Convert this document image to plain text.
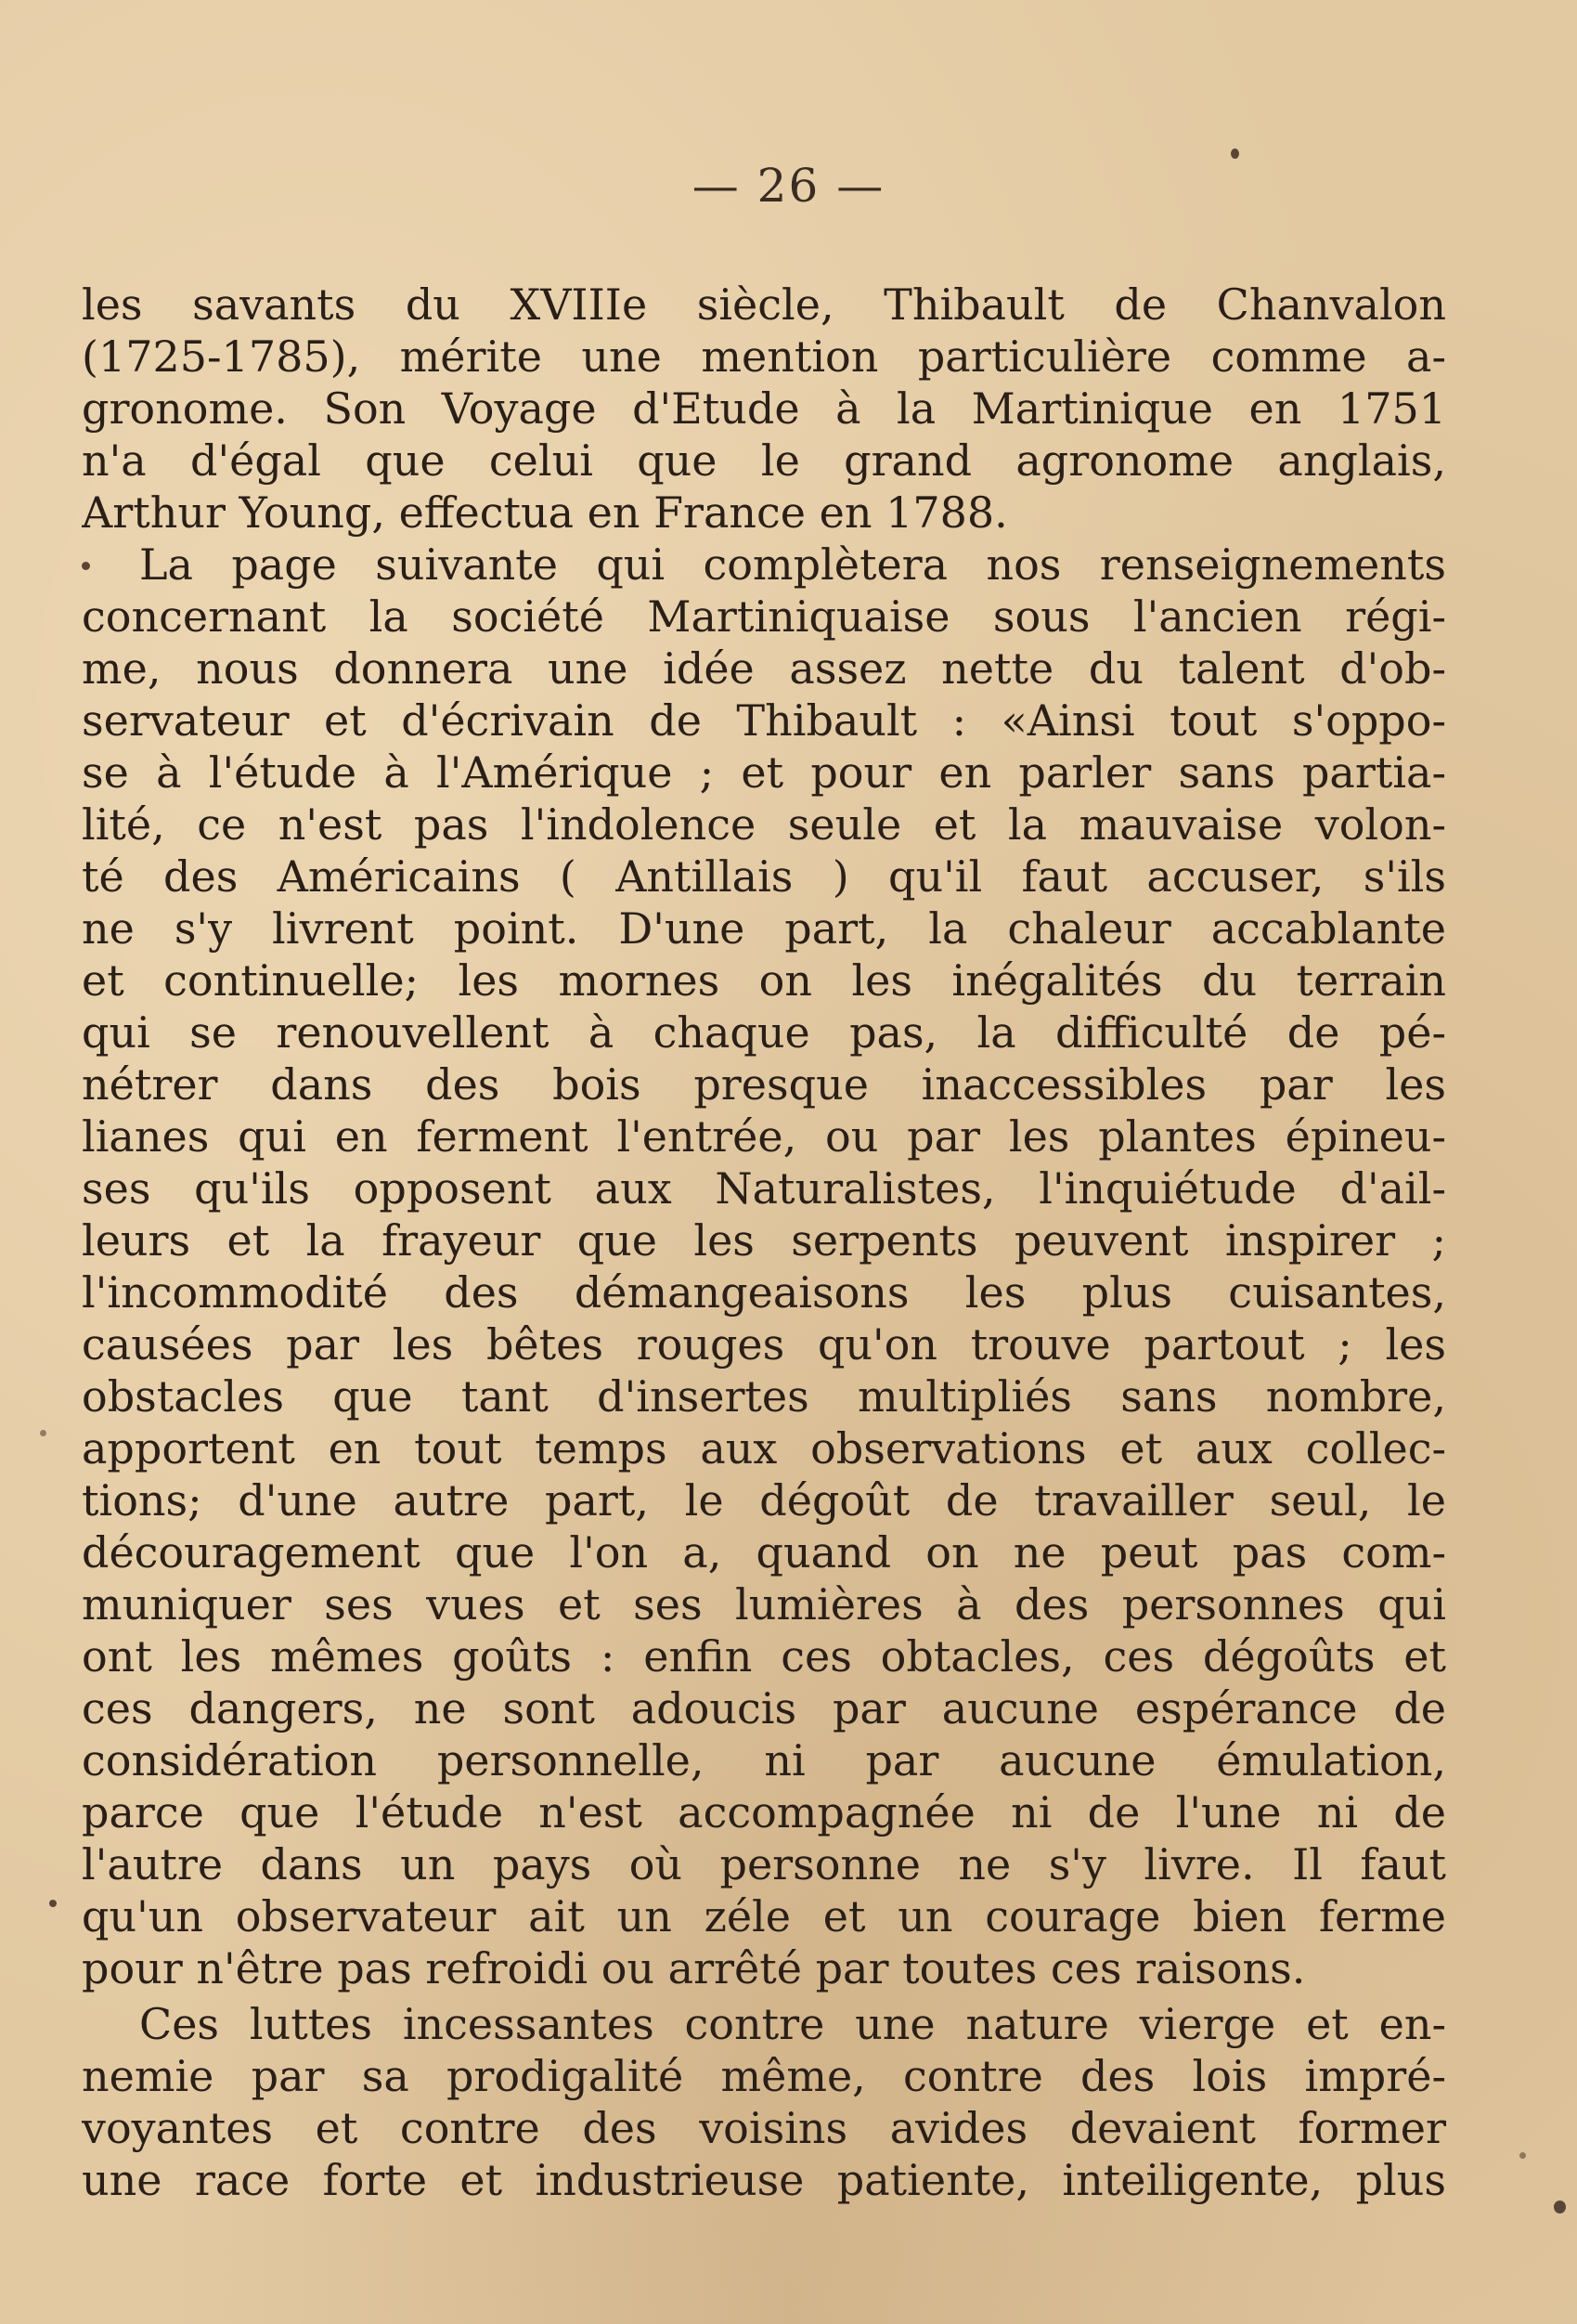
— 26 —
les savants du XVIIIe siècle, Thibault de Chanvalon
(1725-1785), mérite une mention particulière comme a-
gronome. Son Voyage d'Etude à la Martinique en 1751
n'a d'égal que celui que le grand agronome anglais,
Arthur Young, effectua en France en 1788.
La page suivante qui complètera nos renseignements
concernant la société Martiniquaise sous l'ancien régi-
me, nous donnera une idée assez nette du talent d'ob-
servateur et d'écrivain de Thibault : «Ainsi tout s'oppo-
se à l'étude à l'Amérique ; et pour en parler sans partia-
lité, ce n'est pas l'indolence seule et la mauvaise volon-
té des Américains ( Antillais ) qu'il faut accuser, s'ils
ne s'y livrent point. D'une part, la chaleur accablante
et continuelle; les mornes on les inégalités du terrain
qui se renouvellent à chaque pas, la difficulté de pé-
nétrer dans des bois presque inaccessibles par les
lianes qui en ferment l'entrée, ou par les plantes épineu-
ses qu'ils opposent aux Naturalistes, l'inquiétude d'ail-
leurs et la frayeur que les serpents peuvent inspirer ;
l'incommodité des démangeaisons les plus cuisantes,
causées par les bêtes rouges qu'on trouve partout ; les
obstacles que tant d'insertes multipliés sans nombre,
apportent en tout temps aux observations et aux collec-
tions; d'une autre part, le dégoût de travailler seul, le
découragement que l'on a, quand on ne peut pas com-
muniquer ses vues et ses lumières à des personnes qui
ont les mêmes goûts : enfin ces obtacles, ces dégoûts et
ces dangers, ne sont adoucis par aucune espérance de
considération personnelle, ni par aucune émulation,
parce que l'étude n'est accompagnée ni de l'une ni de
l'autre dans un pays où personne ne s'y livre. Il faut
qu'un observateur ait un zéle et un courage bien ferme
pour n'être pas refroidi ou arrêté par toutes ces raisons.
Ces luttes incessantes contre une nature vierge et en-
nemie par sa prodigalité même, contre des lois impré-
voyantes et contre des voisins avides devaient former
une race forte et industrieuse patiente, inteiligente, plus
